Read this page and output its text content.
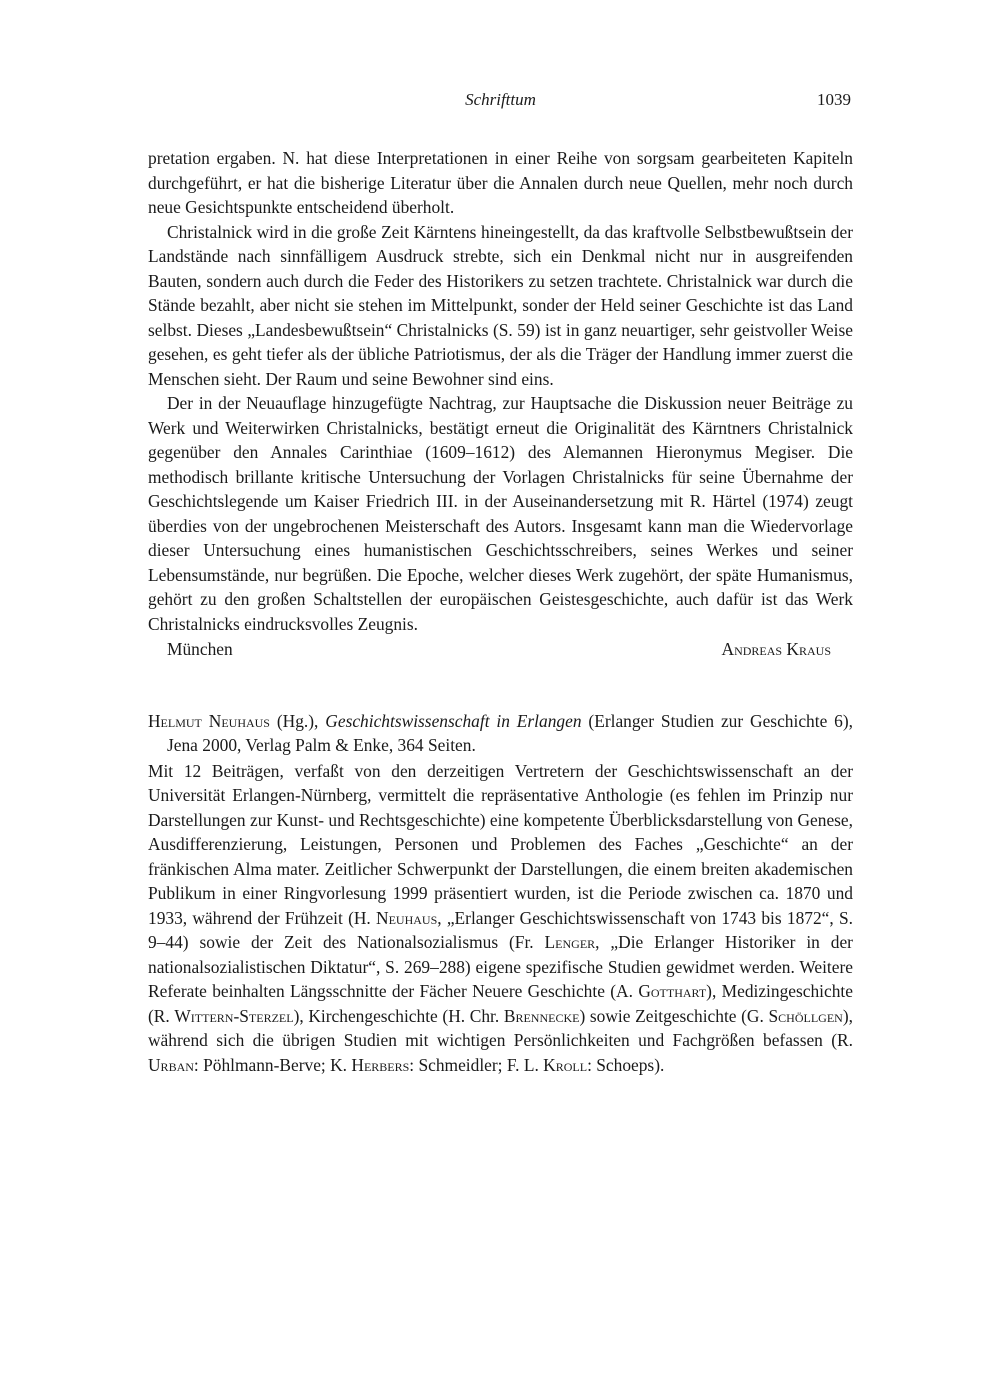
Schrifttum	1039

pretation ergaben. N. hat diese Interpretationen in einer Reihe von sorgsam gearbeiteten Kapiteln durchgeführt, er hat die bisherige Literatur über die Annalen durch neue Quellen, mehr noch durch neue Gesichtspunkte entscheidend überholt.

Christalnick wird in die große Zeit Kärntens hineingestellt, da das kraftvolle Selbstbewußtsein der Landstände nach sinnfälligem Ausdruck strebte, sich ein Denkmal nicht nur in ausgreifenden Bauten, sondern auch durch die Feder des Historikers zu setzen trachtete. Christalnick war durch die Stände bezahlt, aber nicht sie stehen im Mittelpunkt, sonder der Held seiner Geschichte ist das Land selbst. Dieses „Landesbewußtsein“ Christalnicks (S. 59) ist in ganz neuartiger, sehr geistvoller Weise gesehen, es geht tiefer als der übliche Patriotismus, der als die Träger der Handlung immer zuerst die Menschen sieht. Der Raum und seine Bewohner sind eins.

Der in der Neuauflage hinzugefügte Nachtrag, zur Hauptsache die Diskussion neuer Beiträge zu Werk und Weiterwirken Christalnicks, bestätigt erneut die Originalität des Kärntners Christalnick gegenüber den Annales Carinthiae (1609–1612) des Alemannen Hieronymus Megiser. Die methodisch brillante kritische Untersuchung der Vorlagen Christalnicks für seine Übernahme der Geschichtslegende um Kaiser Friedrich III. in der Auseinandersetzung mit R. Härtel (1974) zeugt überdies von der ungebrochenen Meisterschaft des Autors. Insgesamt kann man die Wiedervorlage dieser Untersuchung eines humanistischen Geschichtsschreibers, seines Werkes und seiner Lebensumstände, nur begrüßen. Die Epoche, welcher dieses Werk zugehört, der späte Humanismus, gehört zu den großen Schaltstellen der europäischen Geistesgeschichte, auch dafür ist das Werk Christalnicks eindrucksvolles Zeugnis.

München	Andreas Kraus
Helmut Neuhaus (Hg.), Geschichtswissenschaft in Erlangen (Erlanger Studien zur Geschichte 6), Jena 2000, Verlag Palm & Enke, 364 Seiten.

Mit 12 Beiträgen, verfaßt von den derzeitigen Vertretern der Geschichtswissenschaft an der Universität Erlangen-Nürnberg, vermittelt die repräsentative Anthologie (es fehlen im Prinzip nur Darstellungen zur Kunst- und Rechtsgeschichte) eine kompetente Überblicksdarstellung von Genese, Ausdifferenzierung, Leistungen, Personen und Problemen des Faches „Geschichte“ an der fränkischen Alma mater. Zeitlicher Schwerpunkt der Darstellungen, die einem breiten akademischen Publikum in einer Ringvorlesung 1999 präsentiert wurden, ist die Periode zwischen ca. 1870 und 1933, während der Frühzeit (H. Neuhaus, „Erlanger Geschichtswissenschaft von 1743 bis 1872“, S. 9–44) sowie der Zeit des Nationalsozialismus (Fr. Lenger, „Die Erlanger Historiker in der nationalsozialistischen Diktatur“, S. 269–288) eigene spezifische Studien gewidmet werden. Weitere Referate beinhalten Längsschnitte der Fächer Neuere Geschichte (A. Gotthart), Medizingeschichte (R. Wittern-Sterzel), Kirchengeschichte (H. Chr. Brennecke) sowie Zeitgeschichte (G. Schöllgen), während sich die übrigen Studien mit wichtigen Persönlichkeiten und Fachgrößen befassen (R. Urban: Pöhlmann-Berve; K. Herbers: Schmeidler; F. L. Kroll: Schoeps).
